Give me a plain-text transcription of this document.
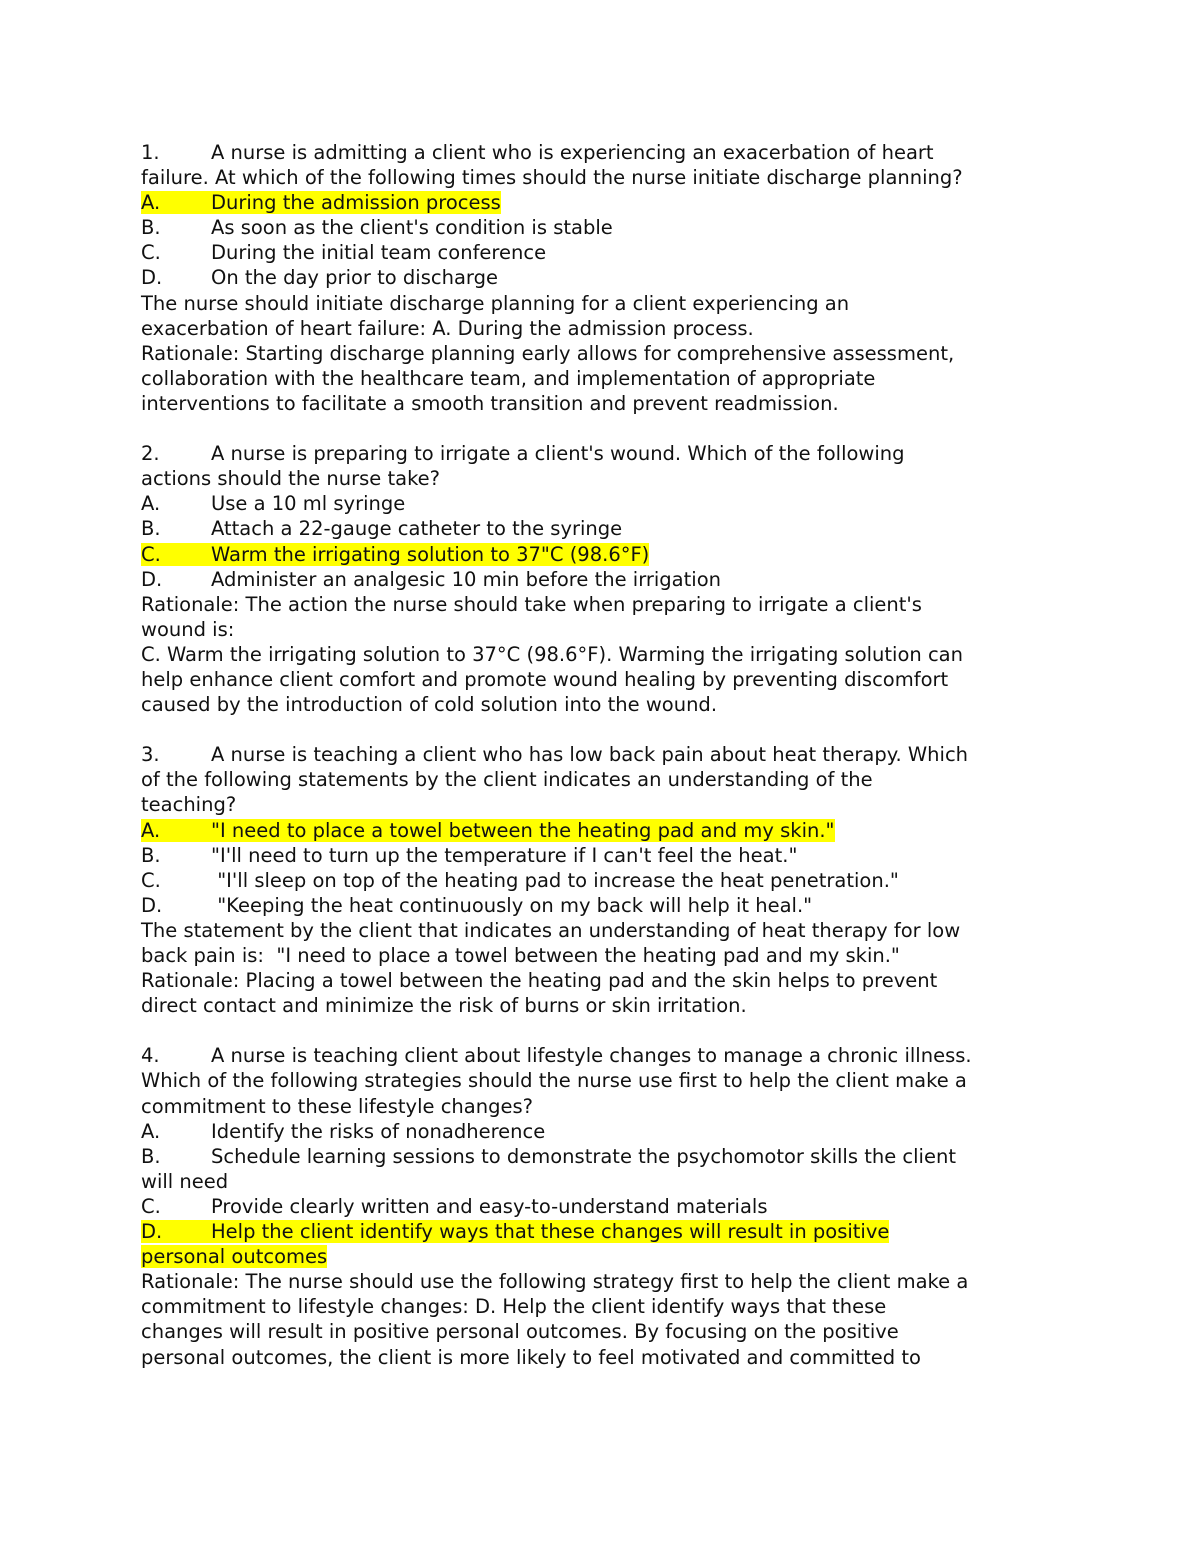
1.	A nurse is admitting a client who is experiencing an exacerbation of heart
failure. At which of the following times should the nurse initiate discharge planning?
A.	During the admission process
B.	As soon as the client's condition is stable
C.	During the initial team conference
D.	On the day prior to discharge
The nurse should initiate discharge planning for a client experiencing an
exacerbation of heart failure: A. During the admission process.
Rationale: Starting discharge planning early allows for comprehensive assessment,
collaboration with the healthcare team, and implementation of appropriate
interventions to facilitate a smooth transition and prevent readmission.
2.	A nurse is preparing to irrigate a client's wound. Which of the following
actions should the nurse take?
A.	Use a 10 ml syringe
B.	Attach a 22-gauge catheter to the syringe
C.	Warm the irrigating solution to 37"C (98.6°F)
D.	Administer an analgesic 10 min before the irrigation
Rationale: The action the nurse should take when preparing to irrigate a client's
wound is:
C. Warm the irrigating solution to 37°C (98.6°F). Warming the irrigating solution can
help enhance client comfort and promote wound healing by preventing discomfort
caused by the introduction of cold solution into the wound.
3.	A nurse is teaching a client who has low back pain about heat therapy. Which
of the following statements by the client indicates an understanding of the
teaching?
A.	"I need to place a towel between the heating pad and my skin."
B.	"I'll need to turn up the temperature if I can't feel the heat."
C.	"I'll sleep on top of the heating pad to increase the heat penetration."
D.	"Keeping the heat continuously on my back will help it heal."
The statement by the client that indicates an understanding of heat therapy for low
back pain is:  "I need to place a towel between the heating pad and my skin."
Rationale: Placing a towel between the heating pad and the skin helps to prevent
direct contact and minimize the risk of burns or skin irritation.
4.	A nurse is teaching client about lifestyle changes to manage a chronic illness.
Which of the following strategies should the nurse use first to help the client make a
commitment to these lifestyle changes?
A.	Identify the risks of nonadherence
B.	Schedule learning sessions to demonstrate the psychomotor skills the client
will need
C.	Provide clearly written and easy-to-understand materials
D.	Help the client identify ways that these changes will result in positive
personal outcomes
Rationale: The nurse should use the following strategy first to help the client make a
commitment to lifestyle changes: D. Help the client identify ways that these
changes will result in positive personal outcomes. By focusing on the positive
personal outcomes, the client is more likely to feel motivated and committed to
